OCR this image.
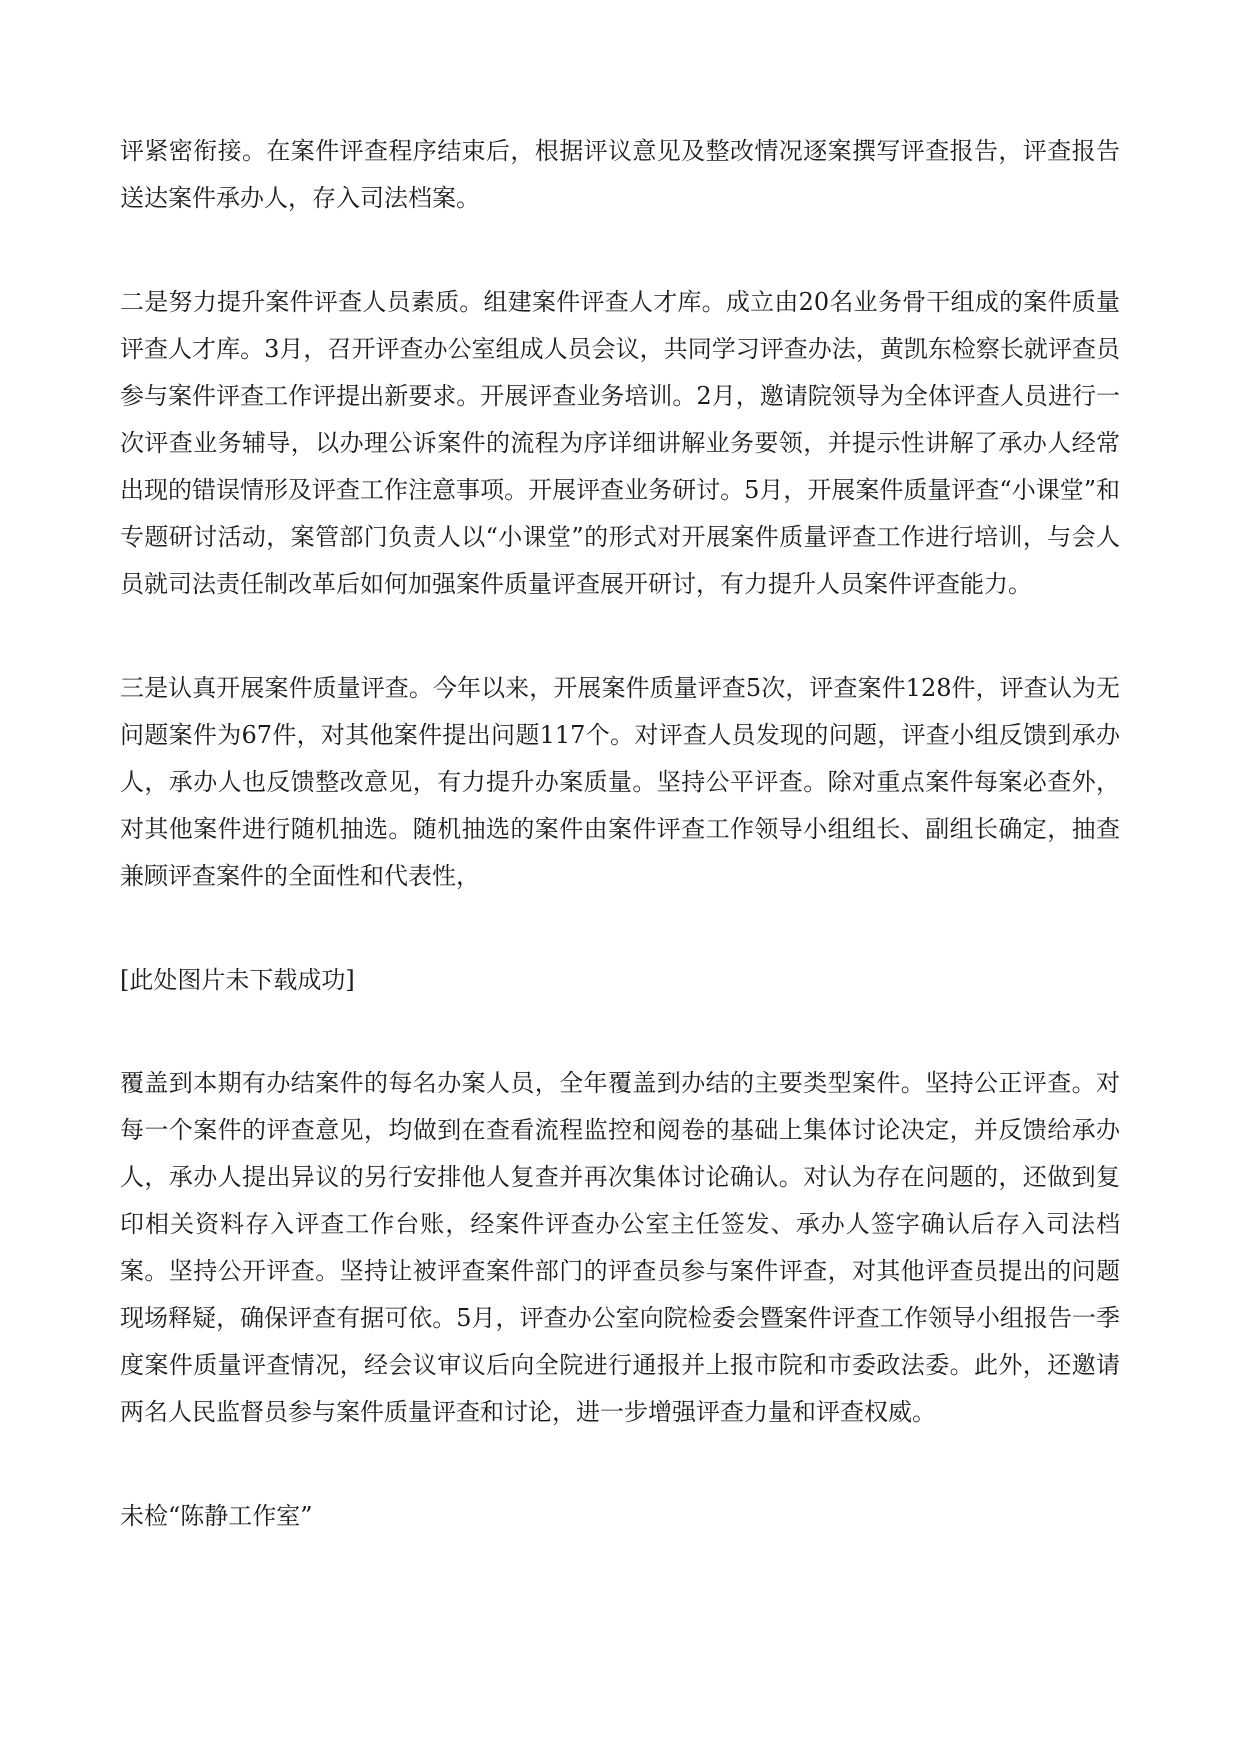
评紧密衔接。在案件评查程序结束后，根据评议意见及整改情况逐案撰写评查报告，评查报告送达案件承办人，存入司法档案。

二是努力提升案件评查人员素质。组建案件评查人才库。成立由20名业务骨干组成的案件质量评查人才库。3月，召开评查办公室组成人员会议，共同学习评查办法，黄凯东检察长就评查员参与案件评查工作评提出新要求。开展评查业务培训。2月，邀请院领导为全体评查人员进行一次评查业务辅导，以办理公诉案件的流程为序详细讲解业务要领，并提示性讲解了承办人经常出现的错误情形及评查工作注意事项。开展评查业务研讨。5月，开展案件质量评查“小课堂”和专题研讨活动，案管部门负责人以“小课堂”的形式对开展案件质量评查工作进行培训，与会人员就司法责任制改革后如何加强案件质量评查展开研讨，有力提升人员案件评查能力。

三是认真开展案件质量评查。今年以来，开展案件质量评查5次，评查案件128件，评查认为无问题案件为67件，对其他案件提出问题117个。对评查人员发现的问题，评查小组反馈到承办人，承办人也反馈整改意见，有力提升办案质量。坚持公平评查。除对重点案件每案必查外，对其他案件进行随机抽选。随机抽选的案件由案件评查工作领导小组组长、副组长确定，抽查兼顾评查案件的全面性和代表性，

[此处图片未下载成功]

覆盖到本期有办结案件的每名办案人员，全年覆盖到办结的主要类型案件。坚持公正评查。对每一个案件的评查意见，均做到在查看流程监控和阅卷的基础上集体讨论决定，并反馈给承办人，承办人提出异议的另行安排他人复查并再次集体讨论确认。对认为存在问题的，还做到复印相关资料存入评查工作台账，经案件评查办公室主任签发、承办人签字确认后存入司法档案。坚持公开评查。坚持让被评查案件部门的评查员参与案件评查，对其他评查员提出的问题现场释疑，确保评查有据可依。5月，评查办公室向院检委会暨案件评查工作领导小组报告一季度案件质量评查情况，经会议审议后向全院进行通报并上报市院和市委政法委。此外，还邀请两名人民监督员参与案件质量评查和讨论，进一步增强评查力量和评查权威。

未检“陈静工作室”
